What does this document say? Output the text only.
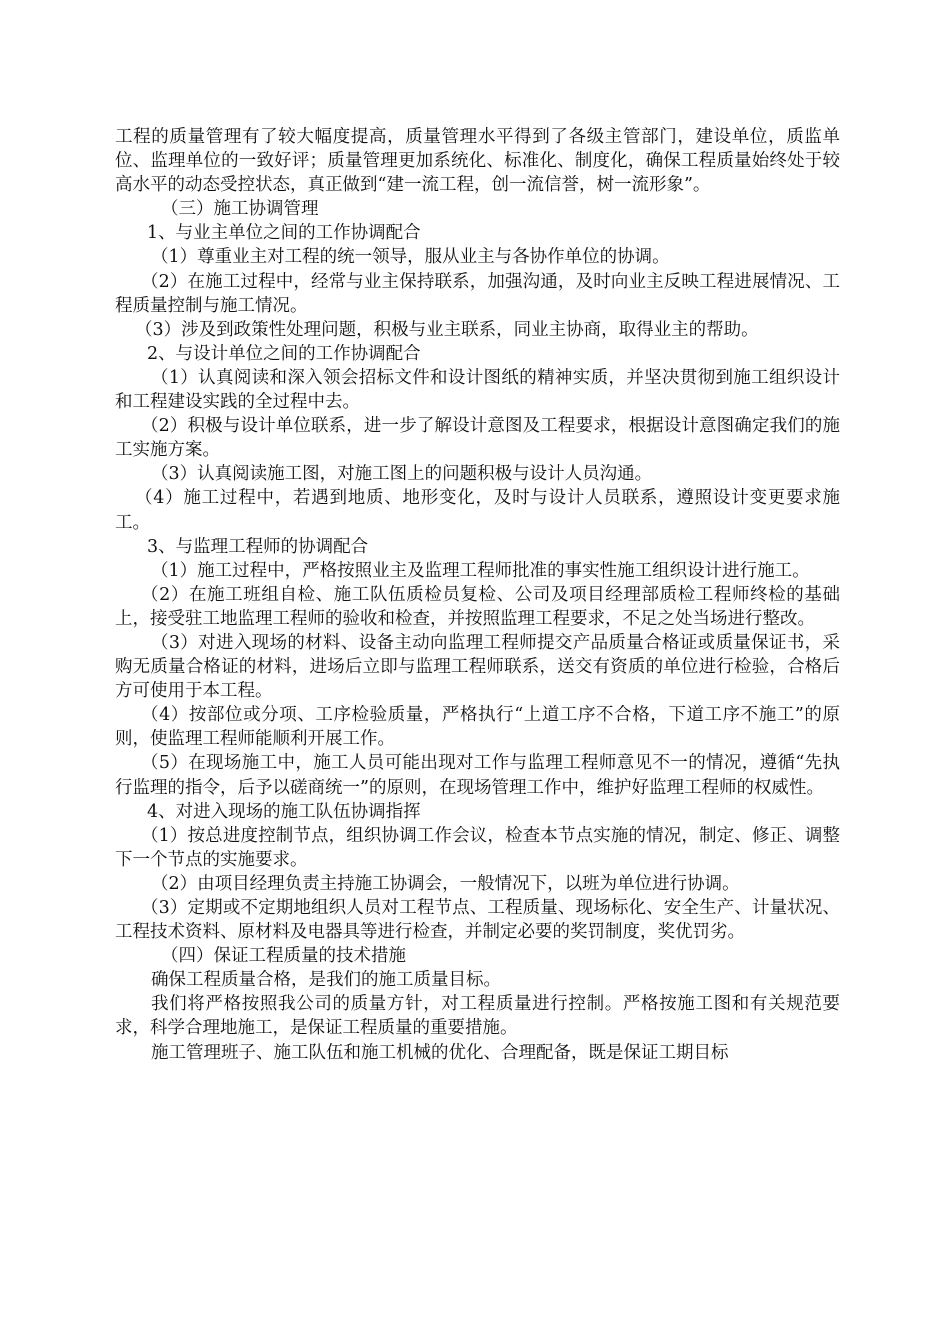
工程的质量管理有了较大幅度提高，质量管理水平得到了各级主管部门，建设单位，质监单位、监理单位的一致好评；质量管理更加系统化、标准化、制度化，确保工程质量始终处于较高水平的动态受控状态，真正做到“建一流工程，创一流信誉，树一流形象”。

（三）施工协调管理

1、与业主单位之间的工作协调配合

（1）尊重业主对工程的统一领导，服从业主与各协作单位的协调。

（2）在施工过程中，经常与业主保持联系，加强沟通，及时向业主反映工程进展情况、工程质量控制与施工情况。

（3）涉及到政策性处理问题，积极与业主联系，同业主协商，取得业主的帮助。

2、与设计单位之间的工作协调配合

（1）认真阅读和深入领会招标文件和设计图纸的精神实质，并坚决贯彻到施工组织设计和工程建设实践的全过程中去。

（2）积极与设计单位联系，进一步了解设计意图及工程要求，根据设计意图确定我们的施工实施方案。

（3）认真阅读施工图，对施工图上的问题积极与设计人员沟通。

（4）施工过程中，若遇到地质、地形变化，及时与设计人员联系，遵照设计变更要求施工。

3、与监理工程师的协调配合

（1）施工过程中，严格按照业主及监理工程师批准的事实性施工组织设计进行施工。

（2）在施工班组自检、施工队伍质检员复检、公司及项目经理部质检工程师终检的基础上，接受驻工地监理工程师的验收和检查，并按照监理工程要求，不足之处当场进行整改。

（3）对进入现场的材料、设备主动向监理工程师提交产品质量合格证或质量保证书，采购无质量合格证的材料，进场后立即与监理工程师联系，送交有资质的单位进行检验，合格后方可使用于本工程。

（4）按部位或分项、工序检验质量，严格执行“上道工序不合格，下道工序不施工”的原则，使监理工程师能顺利开展工作。

（5）在现场施工中，施工人员可能出现对工作与监理工程师意见不一的情况，遵循“先执行监理的指令，后予以磋商统一”的原则，在现场管理工作中，维护好监理工程师的权威性。

4、对进入现场的施工队伍协调指挥

（1）按总进度控制节点，组织协调工作会议，检查本节点实施的情况，制定、修正、调整下一个节点的实施要求。

（2）由项目经理负责主持施工协调会，一般情况下，以班为单位进行协调。

（3）定期或不定期地组织人员对工程节点、工程质量、现场标化、安全生产、计量状况、工程技术资料、原材料及电器具等进行检查，并制定必要的奖罚制度，奖优罚劣。

（四）保证工程质量的技术措施

确保工程质量合格，是我们的施工质量目标。

我们将严格按照我公司的质量方针，对工程质量进行控制。严格按施工图和有关规范要求，科学合理地施工，是保证工程质量的重要措施。

施工管理班子、施工队伍和施工机械的优化、合理配备，既是保证工期目标
